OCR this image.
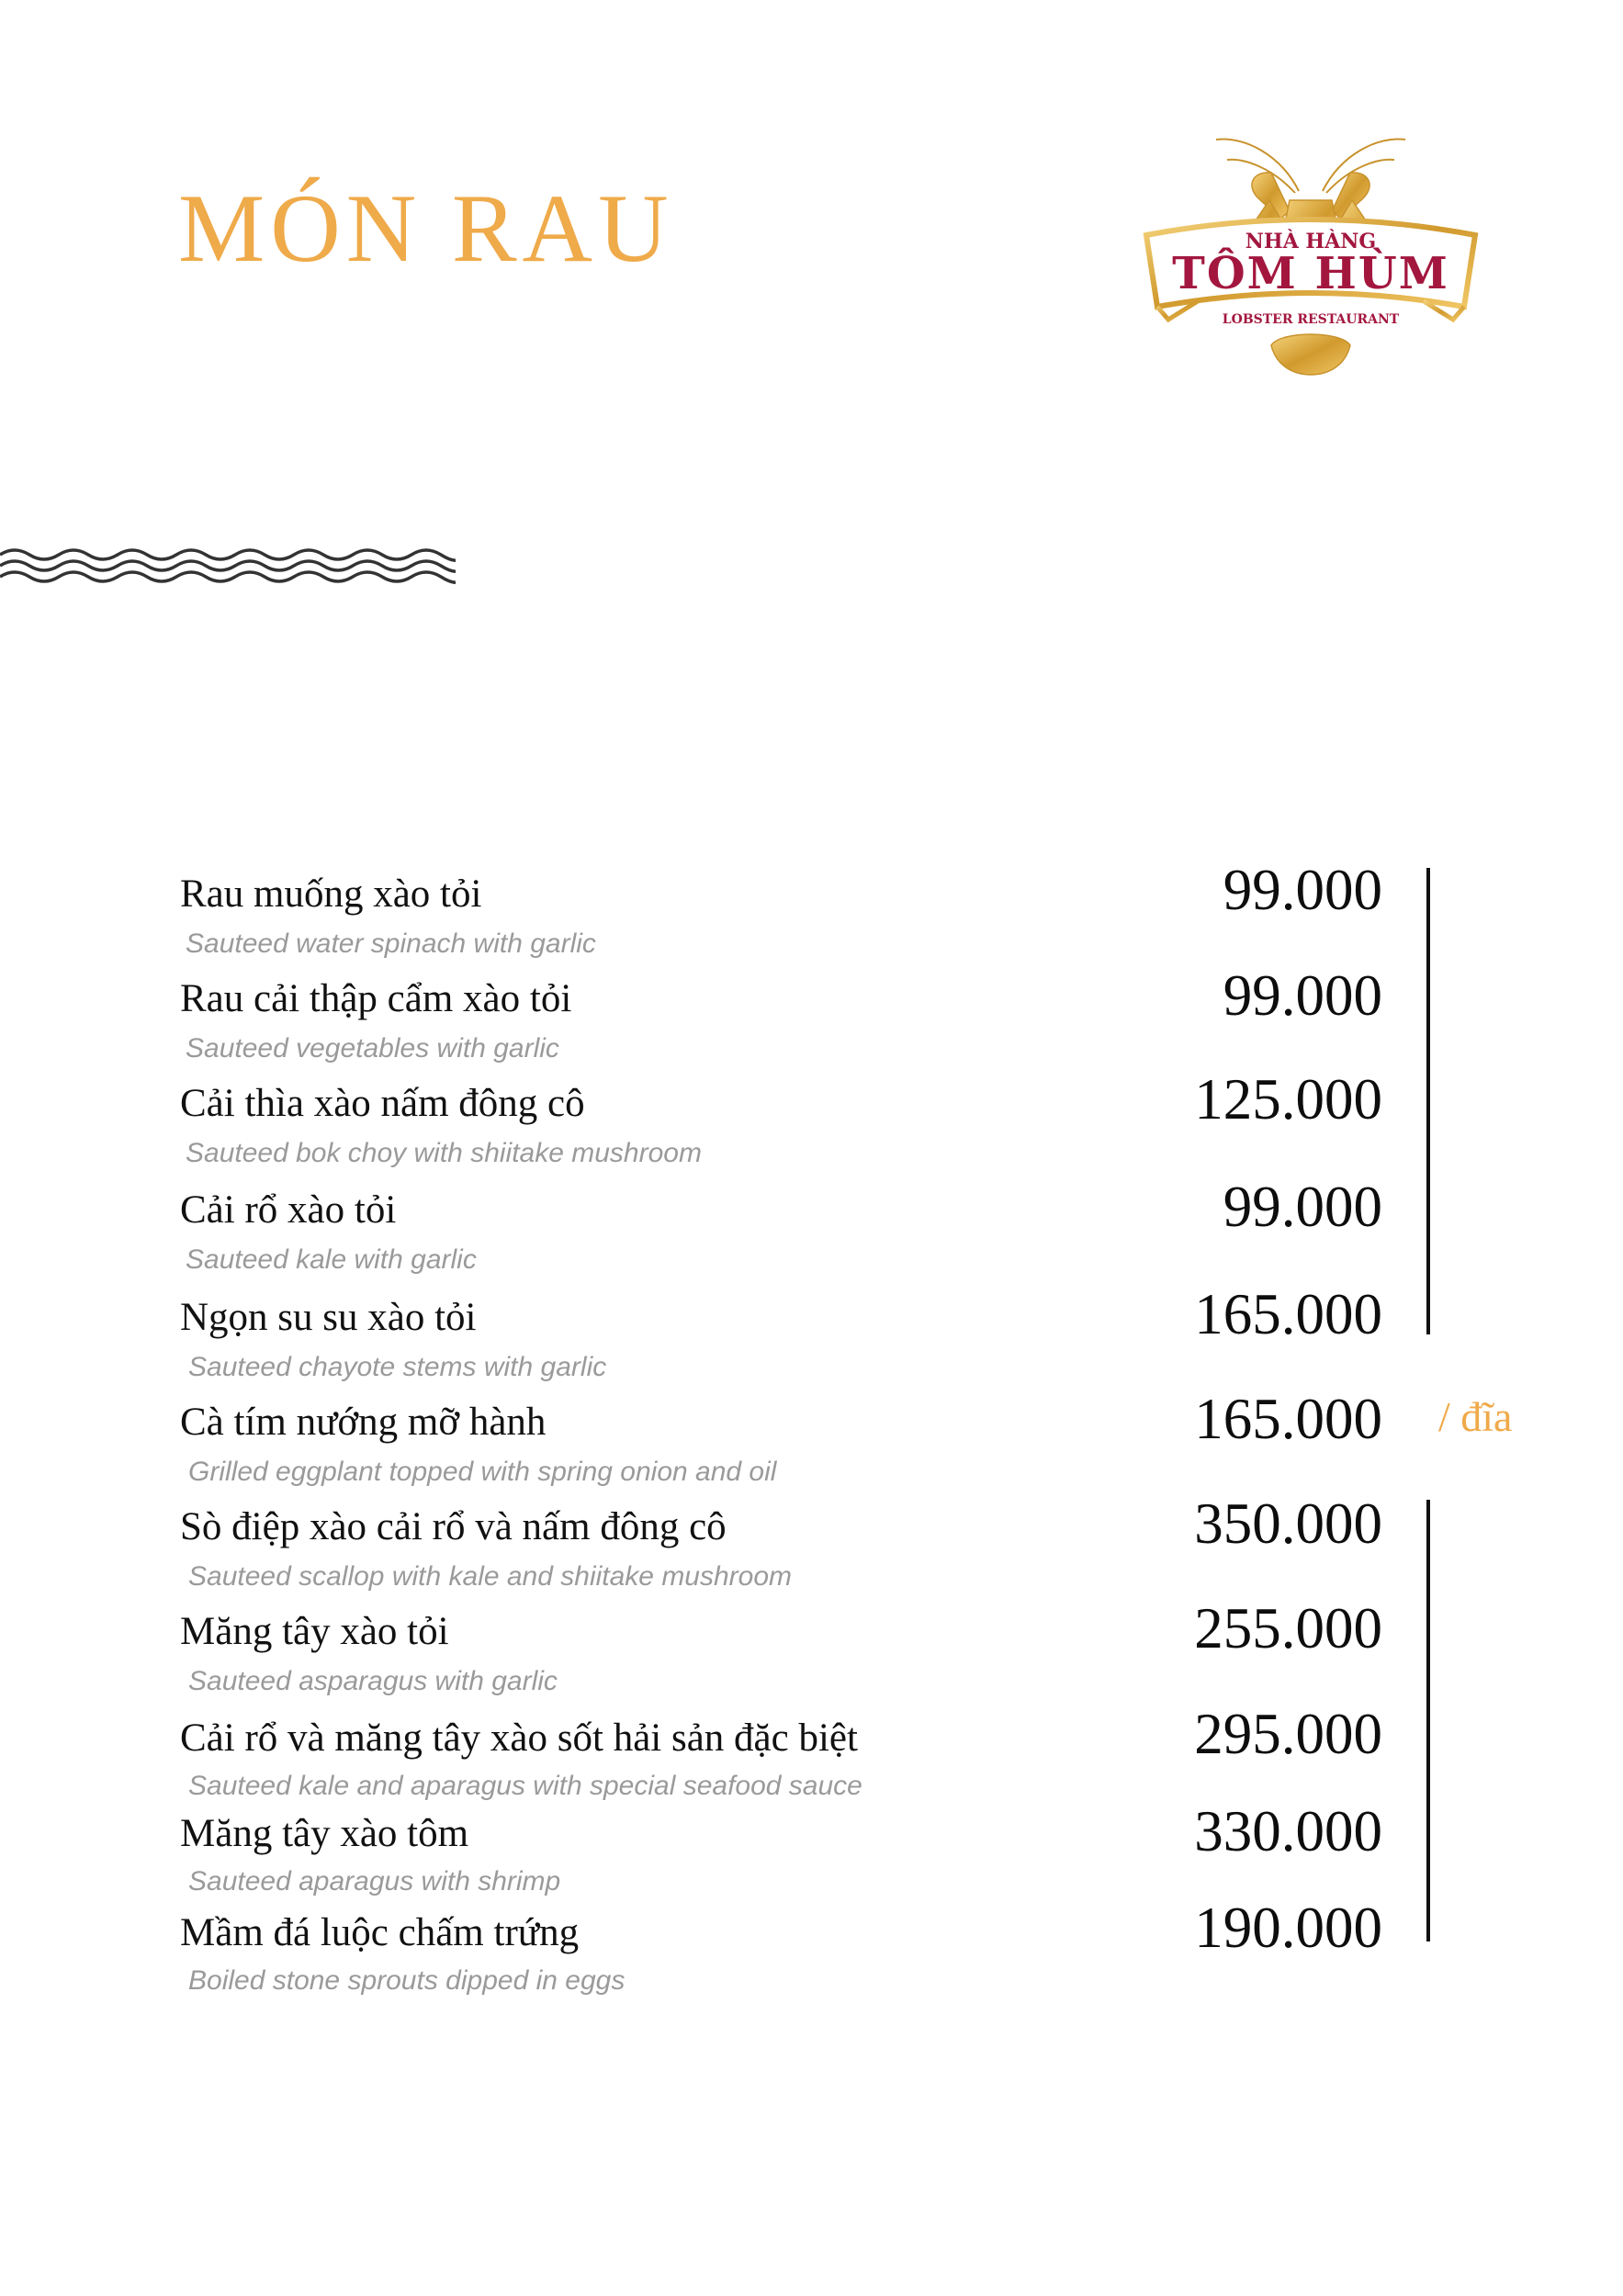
MÓN RAU	NHÀ HÀNG
TÔM HÙM
LOBSTER RESTAURANT
Rau muống xào tỏi
Sauteed water spinach with garlic
Rau cải thập cẩm xào tỏi
Sauteed vegetables with garlic
Cải thìa xào nấm đông cô
Sauteed bok choy with shiitake mushroom
Cải rổ xào tỏi
Sauteed kale with garlic
Ngọn su su xào tỏi
Sauteed chayote stems with garlic
Cà tím nướng mỡ hành
Grilled eggplant topped with spring onion and oil
Sò điệp xào cải rổ và nấm đông cô
Sauteed scallop with kale and shiitake mushroom
Măng tây xào tỏi
Sauteed asparagus with garlic
Cải rổ và măng tây xào sốt hải sản đặc biệt
Sauteed kale and aparagus with special seafood sauce
Măng tây xào tôm
Sauteed aparagus with shrimp
Mầm đá luộc chấm trứng
Boiled stone sprouts dipped in eggs
99.000
99.000
125.000
99.000
165.000
165.000
350.000
255.000
295.000
330.000
190.000
/ đĩa
